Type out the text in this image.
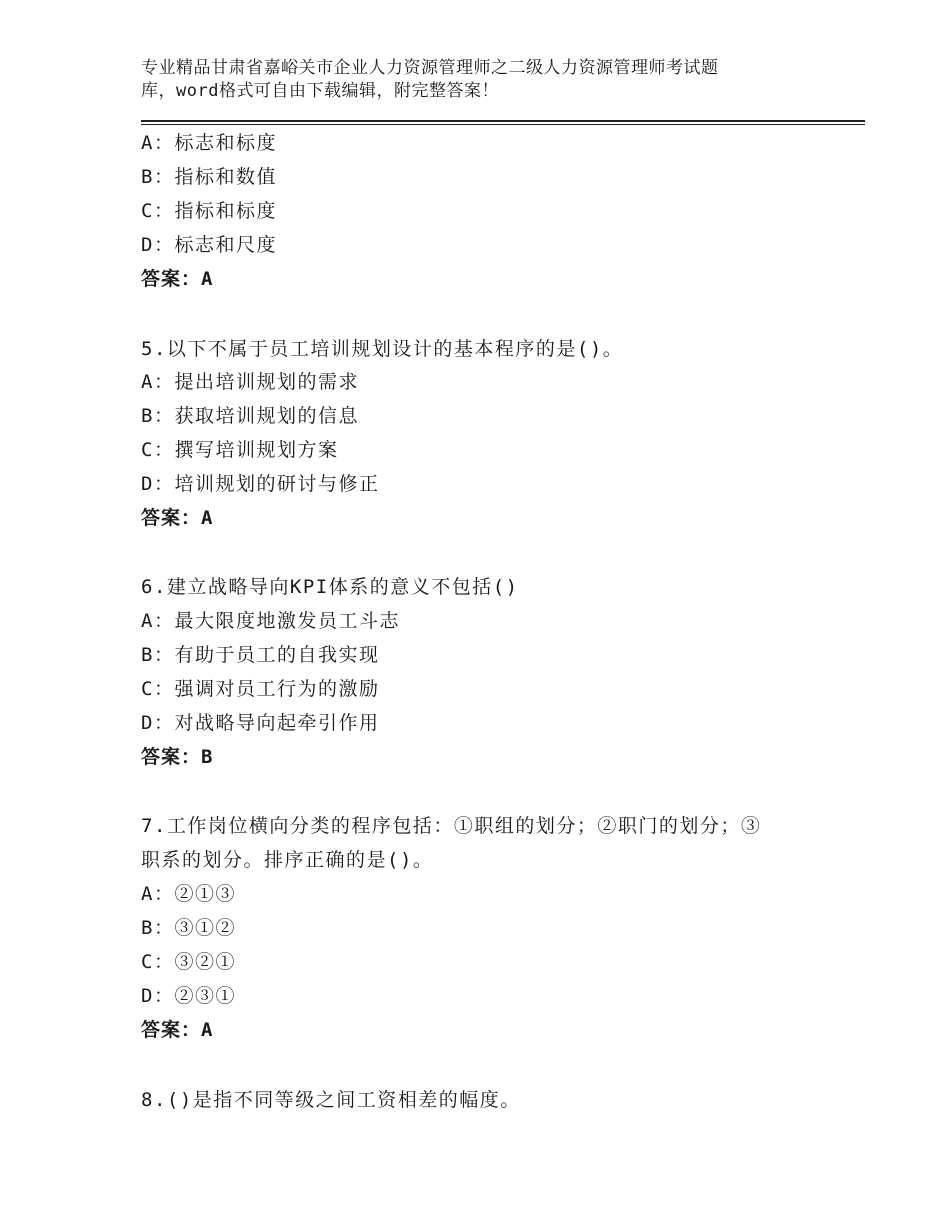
专业精品甘肃省嘉峪关市企业人力资源管理师之二级人力资源管理师考试题
库，word格式可自由下载编辑，附完整答案！
A：标志和标度
B：指标和数值
C：指标和标度
D：标志和尺度
答案：A
5.以下不属于员工培训规划设计的基本程序的是()。
A：提出培训规划的需求
B：获取培训规划的信息
C：撰写培训规划方案
D：培训规划的研讨与修正
答案：A
6.建立战略导向KPI体系的意义不包括()
A：最大限度地激发员工斗志
B：有助于员工的自我实现
C：强调对员工行为的激励
D：对战略导向起牵引作用
答案：B
7.工作岗位横向分类的程序包括：①职组的划分；②职门的划分；③
职系的划分。排序正确的是()。
A：②①③
B：③①②
C：③②①
D：②③①
答案：A
8.()是指不同等级之间工资相差的幅度。
